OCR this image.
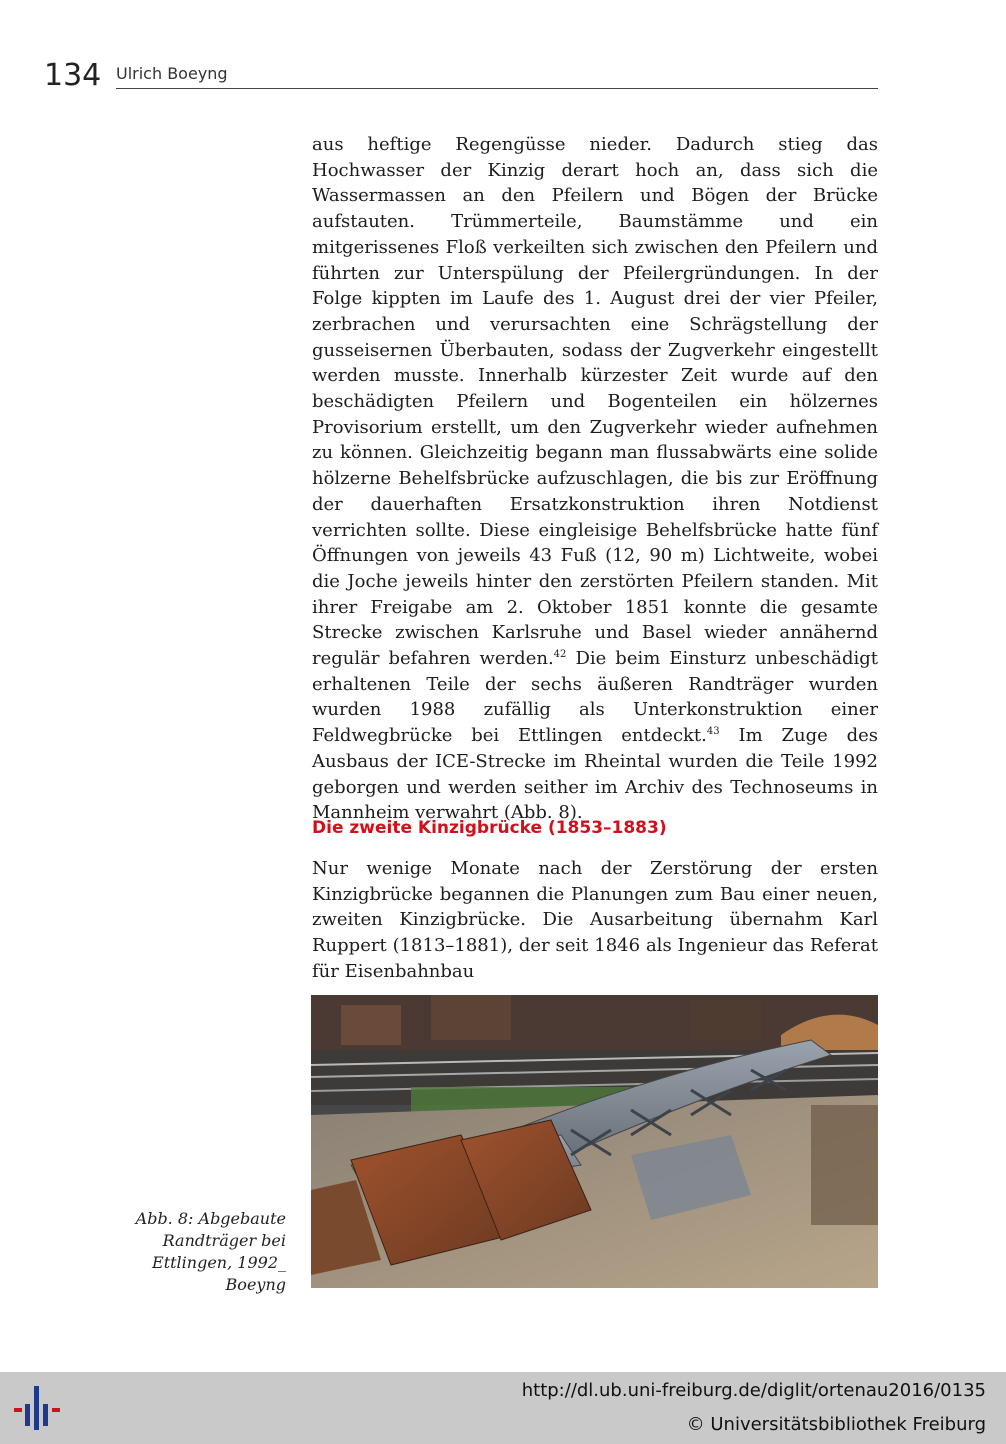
134 Ulrich Boeyng

aus heftige Regengüsse nieder. Dadurch stieg das Hochwasser der Kinzig derart hoch an, dass sich die Wassermassen an den Pfeilern und Bögen der Brücke aufstauten. Trümmerteile, Baumstämme und ein mitgerissenes Floß verkeilten sich zwischen den Pfeilern und führten zur Unterspülung der Pfeilergründungen. In der Folge kippten im Laufe des 1. August drei der vier Pfeiler, zerbrachen und verursachten eine Schrägstellung der gusseisernen Überbauten, sodass der Zugverkehr eingestellt werden musste. Innerhalb kürzester Zeit wurde auf den beschädigten Pfeilern und Bogenteilen ein hölzernes Provisorium erstellt, um den Zugverkehr wieder aufnehmen zu können. Gleichzeitig begann man flussabwärts eine solide hölzerne Behelfsbrücke aufzuschlagen, die bis zur Eröffnung der dauerhaften Ersatzkonstruktion ihren Notdienst verrichten sollte. Diese eingleisige Behelfsbrücke hatte fünf Öffnungen von jeweils 43 Fuß (12, 90 m) Lichtweite, wobei die Joche jeweils hinter den zerstörten Pfeilern standen. Mit ihrer Freigabe am 2. Oktober 1851 konnte die gesamte Strecke zwischen Karlsruhe und Basel wieder annähernd regulär befahren werden.$^{42}$ Die beim Einsturz unbeschädigt erhaltenen Teile der sechs äußeren Randträger wurden wurden 1988 zufällig als Unterkonstruktion einer Feldwegbrücke bei Ettlingen entdeckt.$^{43}$ Im Zuge des Ausbaus der ICE-Strecke im Rheintal wurden die Teile 1992 geborgen und werden seither im Archiv des Technoseums in Mannheim verwahrt (Abb. 8).

Die zweite Kinzigbrücke (1853–1883)

Nur wenige Monate nach der Zerstörung der ersten Kinzigbrücke begannen die Planungen zum Bau einer neuen, zweiten Kinzigbrücke. Die Ausarbeitung übernahm Karl Ruppert (1813–1881), der seit 1846 als Ingenieur das Referat für Eisenbahnbau

Abb. 8: Abgebaute Randträger bei Ettlingen, 1992_ Boeyng
http://dl.ub.uni-freiburg.de/diglit/ortenau2016/0135
© Universitätsbibliothek Freiburg
